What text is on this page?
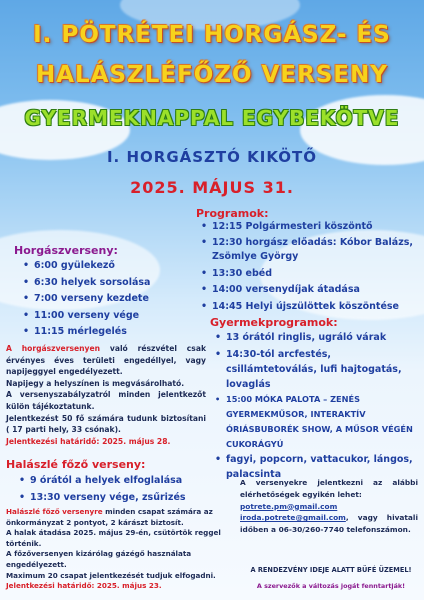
I. PÖTRÉTEI HORGÁSZ- ÉS
HALÁSZLÉFŐZŐ VERSENY
GYERMEKNAPPAL EGYBEKÖTVE
I. HORGÁSZTÓ KIKÖTŐ
2025. MÁJUS 31.
Horgászverseny:
• 6:00 gyülekező
• 6:30 helyek sorsolása
• 7:00 verseny kezdete
• 11:00 verseny vége
• 11:15 mérlegelés
A horgászversenyen való részvétel csak érvényes éves területi engedéllyel, vagy napijeggyel engedélyezett.
Napijegy a helyszínen is megvásárolható.
A versenyszabályzatról minden jelentkezőt külön tájékoztatunk.
Jelentkezést 50 fő számára tudunk biztosítani ( 17 parti hely, 33 csónak).
Jelentkezési határidő: 2025. május 28.
Programok:
• 12:15 Polgármesteri köszöntő
• 12:30 horgász előadás: Kóbor Balázs, Zsömlye György
• 13:30 ebéd
• 14:00 versenydíjak átadása
• 14:45 Helyi újszülöttek köszöntése
Gyermekprogramok:
• 13 órától ringlis, ugráló várak
• 14:30-tól arcfestés, csillámtetoválás, lufi hajtogatás, lovaglás
• 15:00 MÓKA PALOTA – ZENÉS GYERMEKMŰSOR, INTERAKTÍV ÓRIÁSBUBORÉK SHOW, A MŰSOR VÉGÉN CUKORÁGYÚ
• fagyi, popcorn, vattacukor, lángos, palacsinta
Halászlé főző verseny:
• 9 órától a helyek elfoglalása
• 13:30 verseny vége, zsűrizés
Halászlé főző versenyre minden csapat számára az önkormányzat 2 pontyot, 2 kárászt biztosít.
A halak átadása 2025. május 29-én, csütörtök reggel történik.
A főzőversenyen kizárólag gázégő használata engedélyezett.
Maximum 20 csapat jelentkezését tudjuk elfogadni.
Jelentkezési határidő: 2025. május 23.
A versenyekre jelentkezni az alábbi elérhetőségek egyikén lehet:
potrete.pm@gmail.com
iroda.potrete@gmail.com, vagy hivatali időben a 06-30/260-7740 telefonszámon.
A RENDEZVÉNY IDEJE ALATT BÜFÉ ÜZEMEL!
A szervezők a változás jogát fenntartják!
